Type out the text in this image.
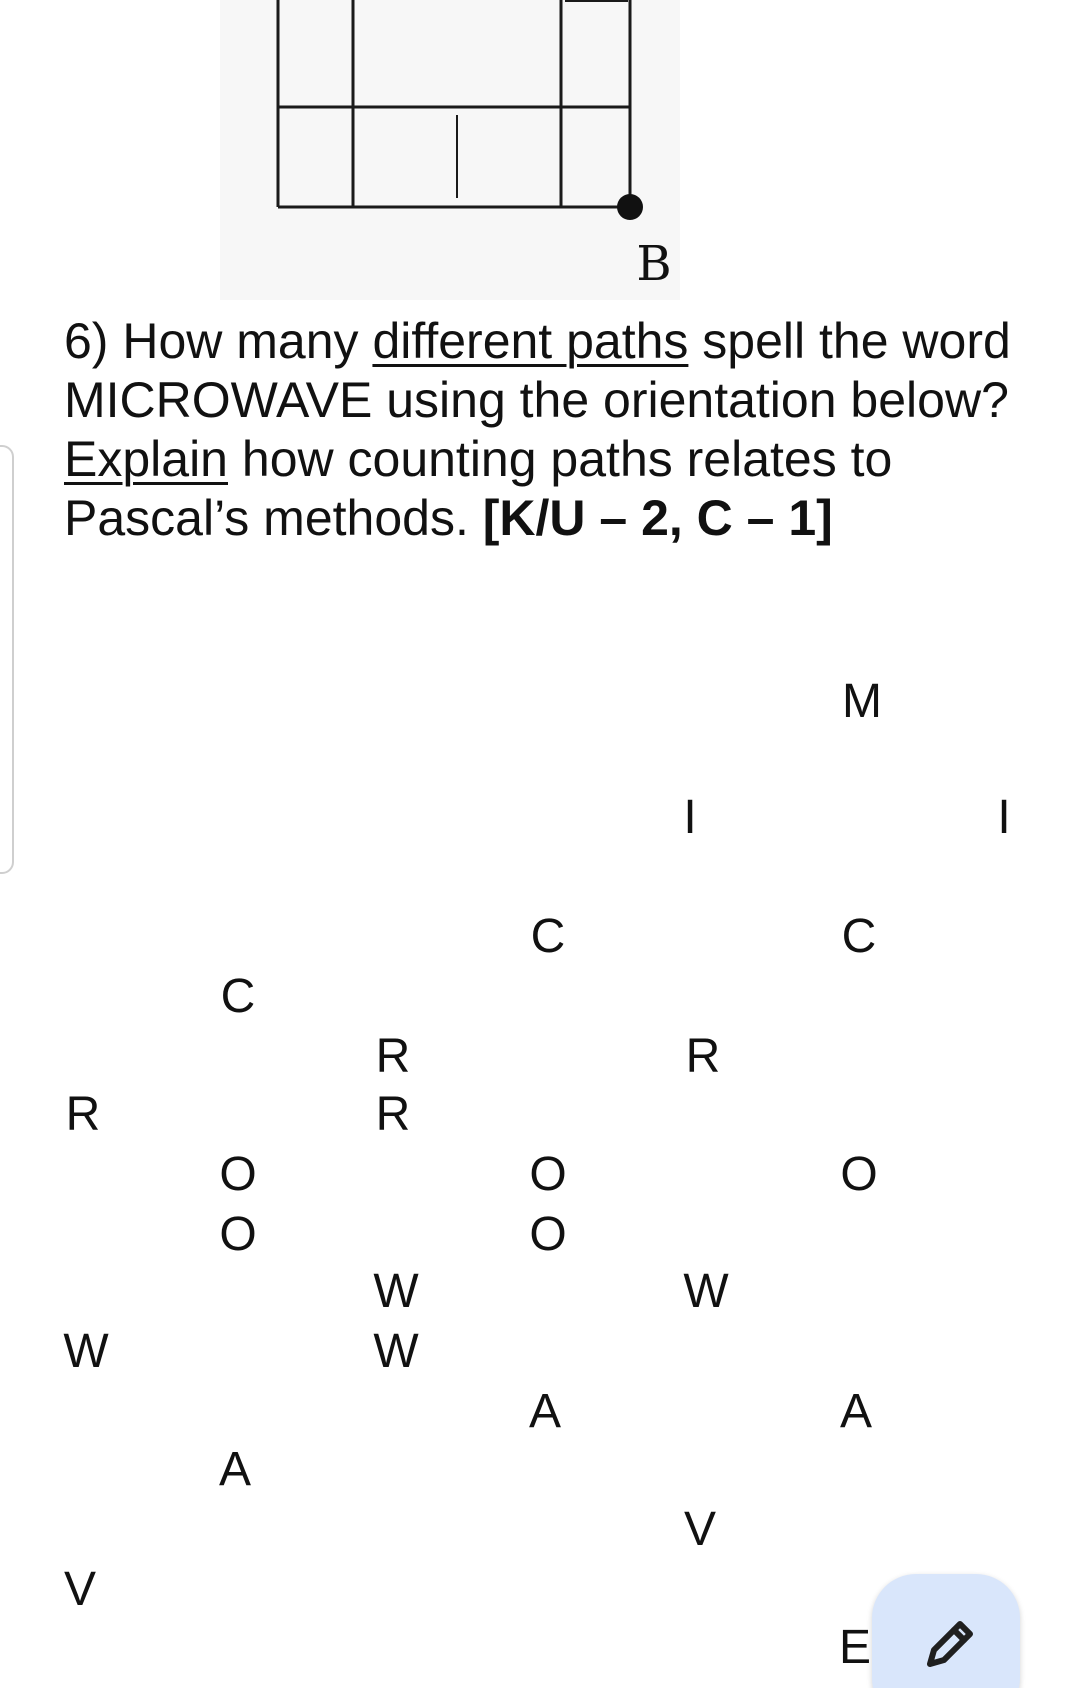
B
6) How many different paths spell the word MICROWAVE using the orientation below? Explain how counting paths relates to Pascal’s methods. [K/U – 2, C – 1]
M
I	I
C	C
C
R	R
R	R
O	O	O
O	O
W	W
W	W
A	A
A
V
V
E
